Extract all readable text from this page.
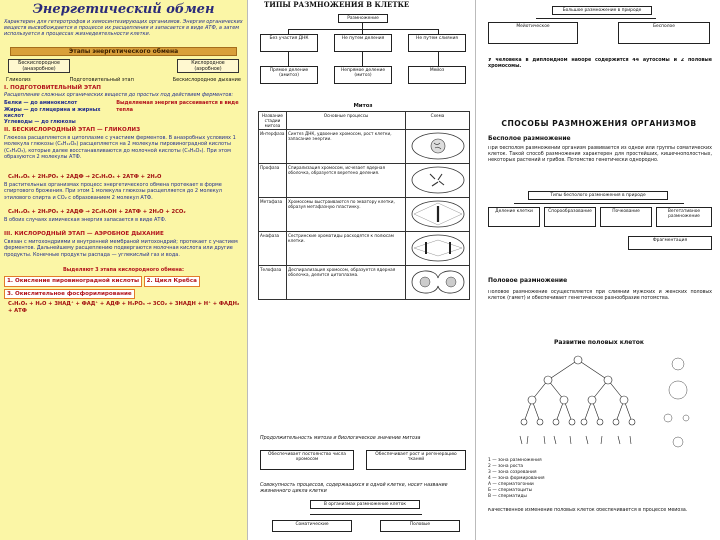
Энергетический обмен
Характерен для гетеротрофов и хемосинтезирующих организмов. Энергия органических веществ высвобождается в процессе их расщепления и запасается в виде АТФ, а затем используется в процессах жизнедеятельности клетки.
Этапы энергетического обмена
Бескислородное (анаэробное)
Кислородное (аэробное)
Гликолиз	Подготовительный этап	Бескислородное дыхание
I. ПОДГОТОВИТЕЛЬНЫЙ ЭТАП
Расщепление сложных органических веществ до простых под действием ферментов:
Белки — до аминокислот
Жиры — до глицерина и жирных кислот
Углеводы — до глюкозы
Выделяемая энергия рассеивается в виде тепла
II. БЕСКИСЛОРОДНЫЙ ЭТАП — ГЛИКОЛИЗ
Глюкоза расщепляется в цитоплазме с участием ферментов. В анаэробных условиях 1 молекула глюкозы (C₆H₁₂O₆) расщепляется на 2 молекулы пировиноградной кислоты (C₃H₄O₃), которые далее восстанавливаются до молочной кислоты (C₃H₆O₃). При этом образуются 2 молекулы АТФ.
C₆H₁₂O₆ + 2H₃PO₄ + 2АДФ → 2C₃H₆O₃ + 2АТФ + 2H₂O
В растительных организмах процесс энергетического обмена протекает в форме спиртового брожения. При этом 1 молекула глюкозы расщепляется до 2 молекул этилового спирта и CO₂ с образованием 2 молекул АТФ.
C₆H₁₂O₆ + 2H₃PO₄ + 2АДФ → 2C₂H₅OH + 2АТФ + 2H₂O + 2CO₂
В обоих случаях химическая энергия запасается в виде АТФ.
III. КИСЛОРОДНЫЙ ЭТАП — АЭРОБНОЕ ДЫХАНИЕ
Связан с митохондриями и внутренней мембраной митохондрий; протекает с участием ферментов. Дальнейшему расщеплению подвергаются молочная кислота или другие продукты. Конечные продукты распада — углекислый газ и вода.
Выделяют 3 этапа кислородного обмена:
1. Окисление пировиноградной кислоты 2. Цикл Кребса 3. Окислительное фосфорилирование
C₃H₄O₃ + H₂O + 3НАД⁺ + ФАД⁺ + АДФ + H₃PO₄ → 3CO₂ + 3НАДН + H⁺ + ФАДН₂ + АТФ
ТИПЫ РАЗМНОЖЕНИЯ В КЛЕТКЕ
Размножение
Без участия ДНК	Не путем деления	Не путем слияния
Прямое деление (амитоз)
Непрямое деление (митоз)
Мейоз
Митоз
Название стадии митоза	Основные процессы	Схема
Интерфаза	Синтез ДНК, удвоение хромосом, рост клетки, запасание энергии.	
Профаза	Спирализация хромосом, исчезает ядерная оболочка, образуется веретено деления.	
Метафаза	Хромосомы выстраиваются по экватору клетки, образуя метафазную пластинку.	
Анафаза	Сестринские хроматиды расходятся к полюсам клетки.	
Телофаза	Деспирализация хромосом, образуется ядерная оболочка, делится цитоплазма.	
Продолжительность митоза и биологическое значение митоза
Обеспечивает постоянство числа хромосом
Обеспечивает рост и регенерацию тканей
Совокупность процессов, содержащихся в одной клетке, носит название жизненного цикла клетки
В организмах размножение клеток
Соматические	Половые
Большое размножение в природе
Мейотическое	Бесполое
У человека в диплоидном наборе содержится 44 аутосомы и 2 половые хромосомы.
СПОСОБЫ РАЗМНОЖЕНИЯ ОРГАНИЗМОВ
Бесполое размножение
При бесполом размножении организм развивается из одной или группы соматических клеток. Такой способ размножения характерен для простейших, кишечнополостных, некоторых растений и грибов. Потомство генетически однородно.
Типы бесполого размножения в природе
Деление клетки	Спорообразование	Почкование	Вегетативное размножение
Фрагментация
Половое размножение
Половое размножение осуществляется при слиянии мужских и женских половых клеток (гамет) и обеспечивает генетическое разнообразие потомства.
Развитие половых клеток
1 — зона размножения
2 — зона роста
3 — зона созревания
4 — зона формирования
А — сперматогонии
Б — сперматоциты
В — сперматиды
Качественное изменение половых клеток обеспечивается в процессе мейоза.
